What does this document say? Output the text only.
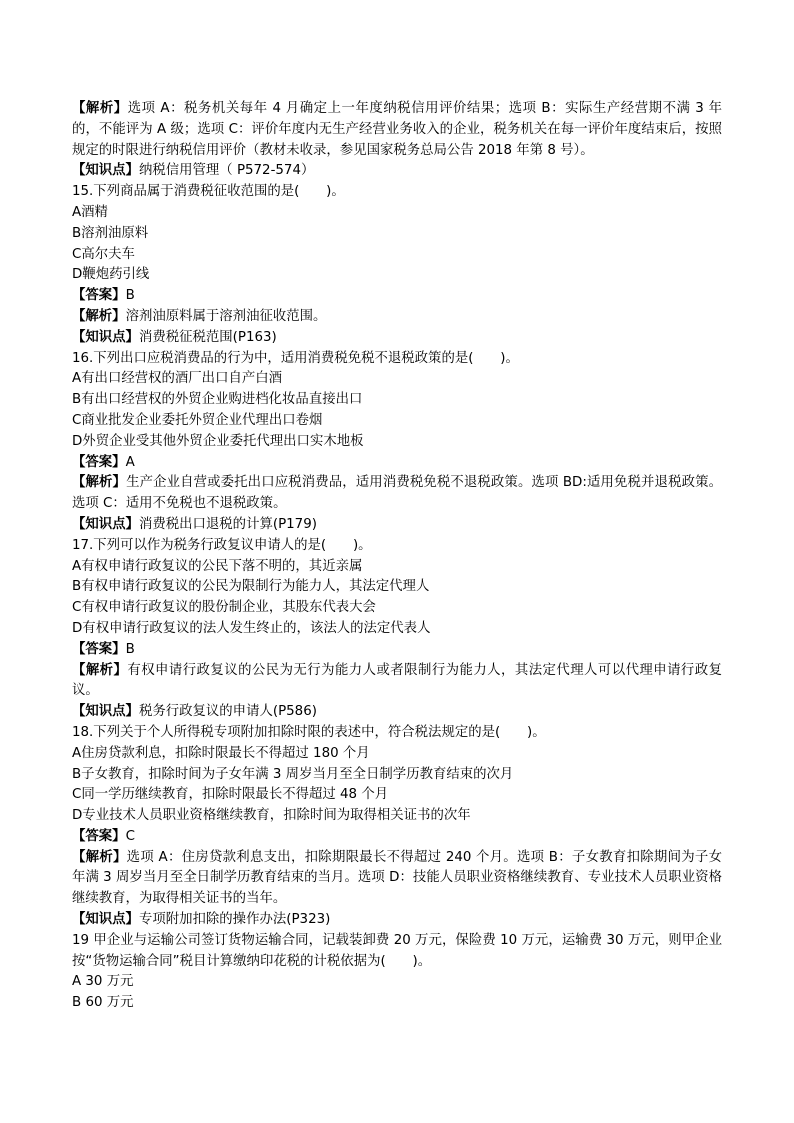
【解析】选项 A：税务机关每年 4 月确定上一年度纳税信用评价结果；选项 B：实际生产经营期不满 3 年的，不能评为 A 级；选项 C：评价年度内无生产经营业务收入的企业，税务机关在每一评价年度结束后，按照规定的时限进行纳税信用评价（教材未收录，参见国家税务总局公告 2018 年第 8 号）。
【知识点】纳税信用管理（ P572-574）
15.下列商品属于消费税征收范围的是(　　)。
A酒精
B溶剂油原料
C高尔夫车
D鞭炮药引线
【答案】B
【解析】溶剂油原料属于溶剂油征收范围。
【知识点】消费税征税范围(P163)
16.下列出口应税消费品的行为中，适用消费税免税不退税政策的是(　　)。
A有出口经营权的酒厂出口自产白酒
B有出口经营权的外贸企业购进档化妆品直接出口
C商业批发企业委托外贸企业代理出口卷烟
D外贸企业受其他外贸企业委托代理出口实木地板
【答案】A
【解析】生产企业自营或委托出口应税消费品，适用消费税免税不退税政策。选项 BD:适用免税并退税政策。选项 C：适用不免税也不退税政策。
【知识点】消费税出口退税的计算(P179)
17.下列可以作为税务行政复议申请人的是(　　)。
A有权申请行政复议的公民下落不明的，其近亲属
B有权申请行政复议的公民为限制行为能力人，其法定代理人
C有权申请行政复议的股份制企业，其股东代表大会
D有权申请行政复议的法人发生终止的，该法人的法定代表人
【答案】B
【解析】有权申请行政复议的公民为无行为能力人或者限制行为能力人，其法定代理人可以代理申请行政复议。
【知识点】税务行政复议的申请人(P586)
18.下列关于个人所得税专项附加扣除时限的表述中，符合税法规定的是(　　)。
A住房贷款利息，扣除时限最长不得超过 180 个月
B子女教育，扣除时间为子女年满 3 周岁当月至全日制学历教育结束的次月
C同一学历继续教育，扣除时限最长不得超过 48 个月
D专业技术人员职业资格继续教育，扣除时间为取得相关证书的次年
【答案】C
【解析】选项 A：住房贷款利息支出，扣除期限最长不得超过 240 个月。选项 B：子女教育扣除期间为子女年满 3 周岁当月至全日制学历教育结束的当月。选项 D：技能人员职业资格继续教育、专业技术人员职业资格继续教育，为取得相关证书的当年。
【知识点】专项附加扣除的操作办法(P323)
19 甲企业与运输公司签订货物运输合同，记载装卸费 20 万元，保险费 10 万元，运输费 30 万元，则甲企业按“货物运输合同”税目计算缴纳印花税的计税依据为(　　)。
A 30 万元
B 60 万元
